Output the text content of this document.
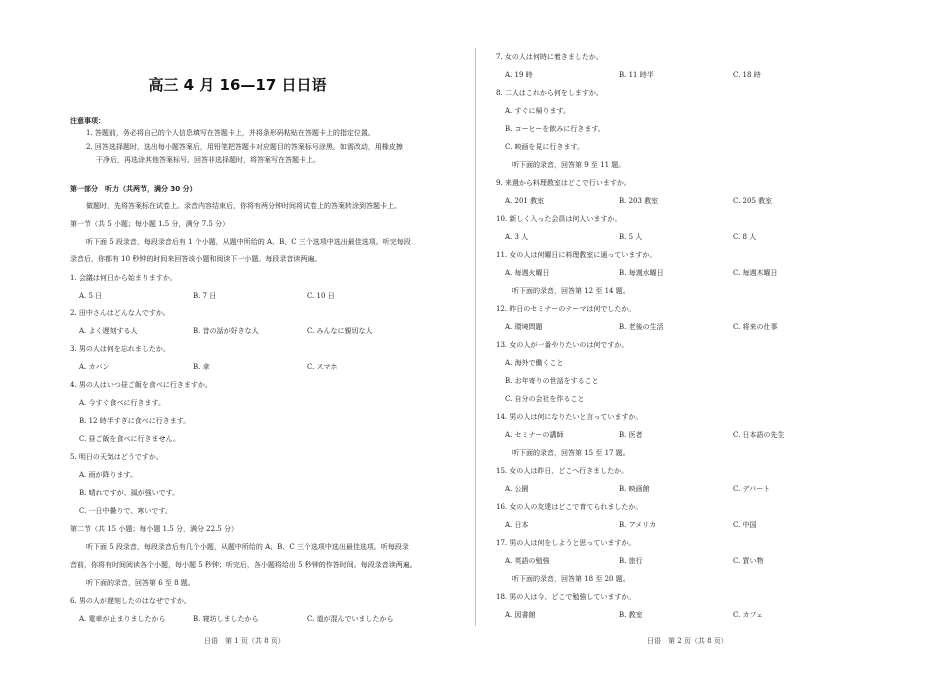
高三 4 月 16—17 日日语
注意事项：
1. 答题前，务必将自己的个人信息填写在答题卡上，并将条形码粘贴在答题卡上的指定位置。
2. 回答选择题时，选出每小题答案后，用铅笔把答题卡对应题目的答案标号涂黑。如需改动，用橡皮擦
干净后，再选涂其他答案标号。回答非选择题时，将答案写在答题卡上。
第一部分　听力（共两节，满分 30 分）
做题时，先将答案标在试卷上。录音内容结束后，你将有两分钟时间将试卷上的答案转涂到答题卡上。
第一节（共 5 小题；每小题 1.5 分，满分 7.5 分）
听下面 5 段录音，每段录音后有 1 个小题，从题中所给的 A、B、C 三个选项中选出最佳选项。听完每段
录音后，你都有 10 秒钟的时间来回答该小题和阅读下一小题。每段录音读两遍。
1. 会議は何日から始まりますか。
A. 5 日	B. 7 日	C. 10 日
2. 田中さんはどんな人ですか。
A. よく遅刻する人	B. 昔の話が好きな人	C. みんなに親切な人
3. 男の人は何を忘れましたか。
A. カバン	B. 傘	C. スマホ
4. 男の人はいつ昼ご飯を食べに行きますか。
A. 今すぐ食べに行きます。
B. 12 時半すぎに食べに行きます。
C. 昼ご飯を食べに行きません。
5. 明日の天気はどうですか。
A. 雨が降ります。
B. 晴れですが、風が強いです。
C. 一日中曇りで、寒いです。
第二节（共 15 小题；每小题 1.5 分，满分 22.5 分）
听下面 5 段录音，每段录音后有几个小题，从题中所给的 A、B、C 三个选项中选出最佳选项。听每段录
音前，你将有时间阅读各个小题，每小题 5 秒钟；听完后，各小题将给出 5 秒钟的作答时间。每段录音读两遍。
听下面的录音，回答第 6 至 8 题。
6. 男の人が遅刻したのはなぜですか。
A. 電車が止まりましたから	B. 寝坊しましたから	C. 道が混んでいましたから
日语　第 1 页（共 8 页）
7. 女の人は何時に着きましたか。
A. 19 時	B. 11 時半	C. 18 時
8. 二人はこれから何をしますか。
A. すぐに帰ります。
B. コーヒーを飲みに行きます。
C. 映画を見に行きます。
听下面的录音，回答第 9 至 11 题。
9. 来週から料理教室はどこで行いますか。
A. 201 教室	B. 203 教室	C. 205 教室
10. 新しく入った会員は何人いますか。
A. 3 人	B. 5 人	C. 8 人
11. 女の人は何曜日に料理教室に通っていますか。
A. 毎週火曜日	B. 毎週水曜日	C. 毎週木曜日
听下面的录音，回答第 12 至 14 题。
12. 昨日のセミナーのテーマは何でしたか。
A. 環境問題	B. 老後の生活	C. 将来の仕事
13. 女の人が一番やりたいのは何ですか。
A. 海外で働くこと
B. お年寄りの世話をすること
C. 自分の会社を作ること
14. 男の人は何になりたいと言っていますか。
A. セミナーの講師	B. 医者	C. 日本語の先生
听下面的录音，回答第 15 至 17 题。
15. 女の人は昨日、どこへ行きましたか。
A. 公園	B. 映画館	C. デパート
16. 女の人の友達はどこで育てられましたか。
A. 日本	B. アメリカ	C. 中国
17. 男の人は何をしようと思っていますか。
A. 英語の勉強	B. 旅行	C. 買い物
听下面的录音，回答第 18 至 20 题。
18. 男の人は今、どこで勉強していますか。
A. 図書館	B. 教室	C. カフェ
日语　第 2 页（共 8 页）
